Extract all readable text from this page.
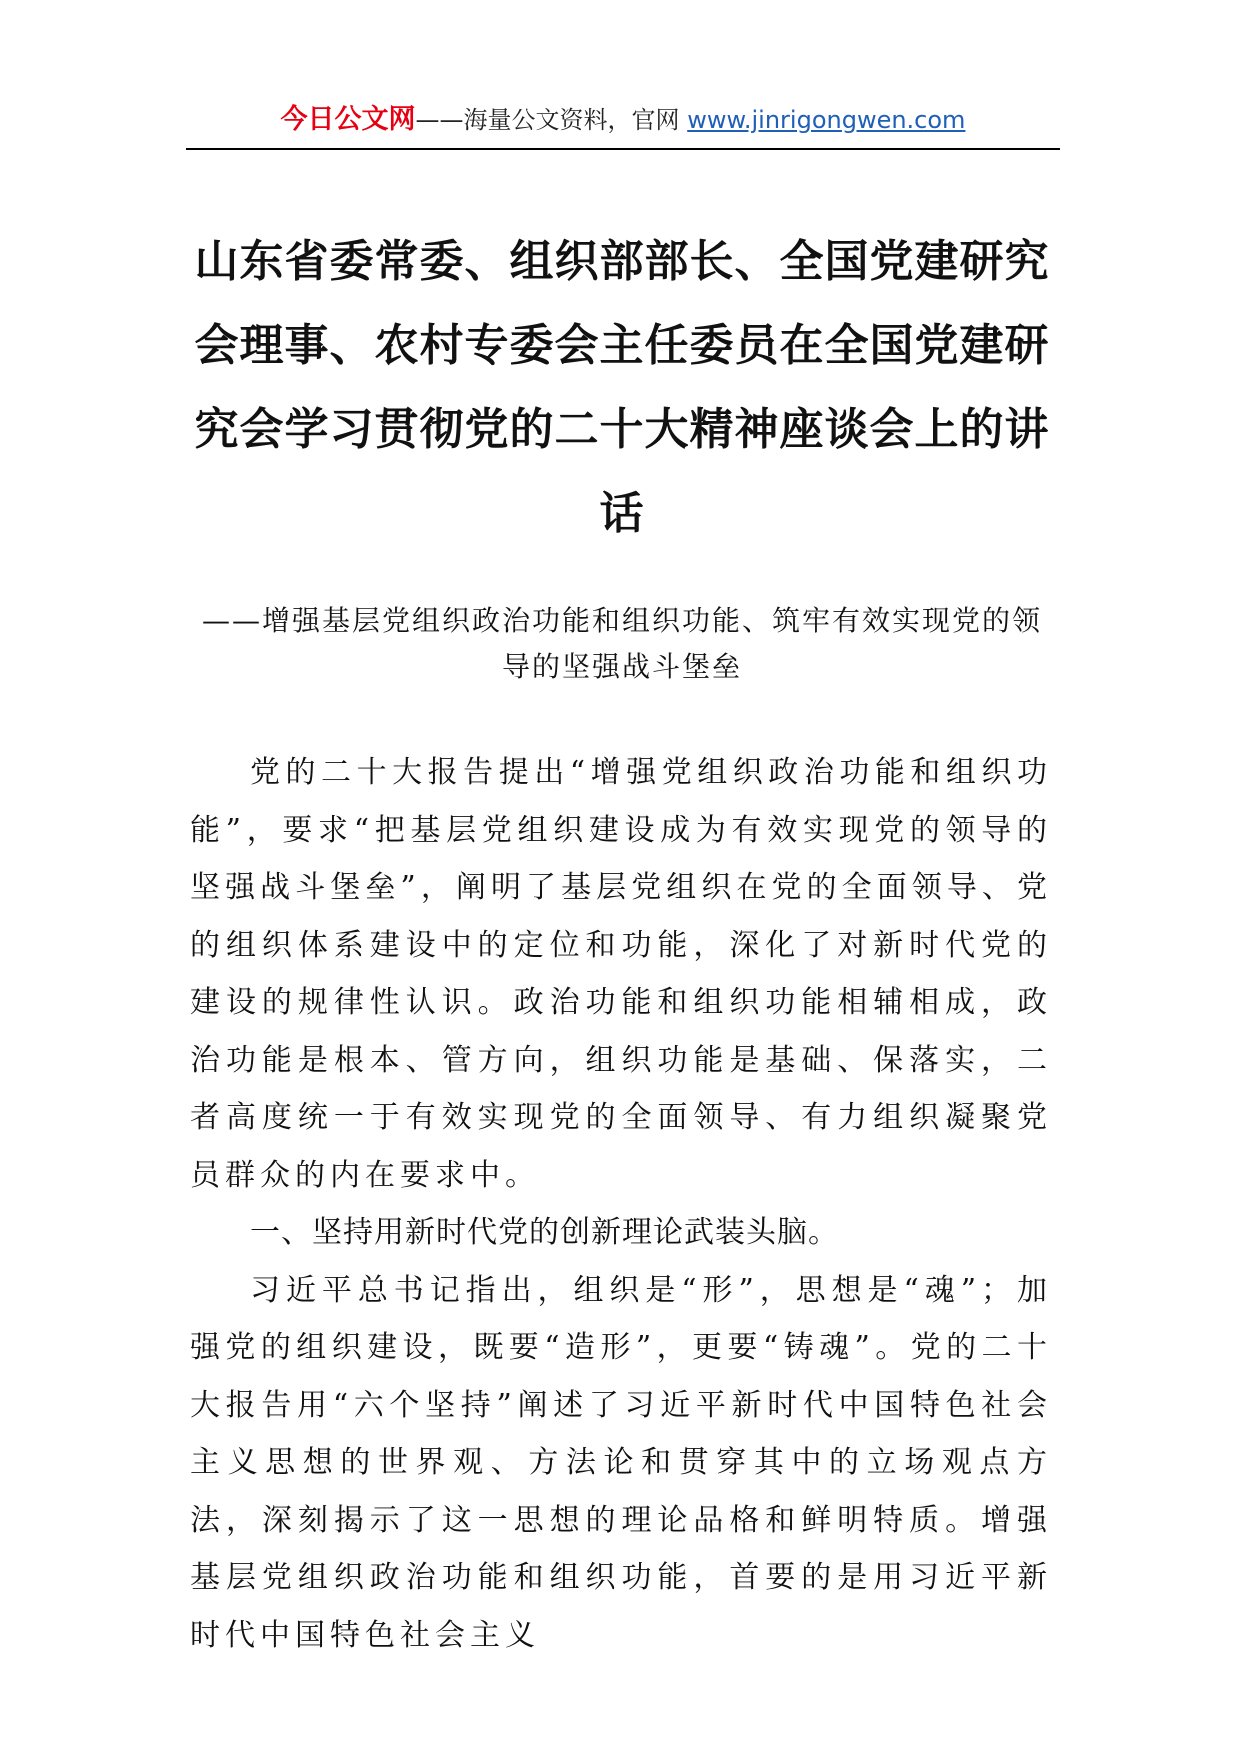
今日公文网——海量公文资料，官网 www.jinrigongwen.com
山东省委常委、组织部部长、全国党建研究会理事、农村专委会主任委员在全国党建研究会学习贯彻党的二十大精神座谈会上的讲话
——增强基层党组织政治功能和组织功能、筑牢有效实现党的领导的坚强战斗堡垒

党的二十大报告提出“增强党组织政治功能和组织功能”，要求“把基层党组织建设成为有效实现党的领导的坚强战斗堡垒”，阐明了基层党组织在党的全面领导、党的组织体系建设中的定位和功能，深化了对新时代党的建设的规律性认识。政治功能和组织功能相辅相成，政治功能是根本、管方向，组织功能是基础、保落实，二者高度统一于有效实现党的全面领导、有力组织凝聚党员群众的内在要求中。

一、坚持用新时代党的创新理论武装头脑。

习近平总书记指出，组织是“形”，思想是“魂”；加强党的组织建设，既要“造形”，更要“铸魂”。党的二十大报告用“六个坚持”阐述了习近平新时代中国特色社会主义思想的世界观、方法论和贯穿其中的立场观点方法，深刻揭示了这一思想的理论品格和鲜明特质。增强基层党组织政治功能和组织功能，首要的是用习近平新时代中国特色社会主义
